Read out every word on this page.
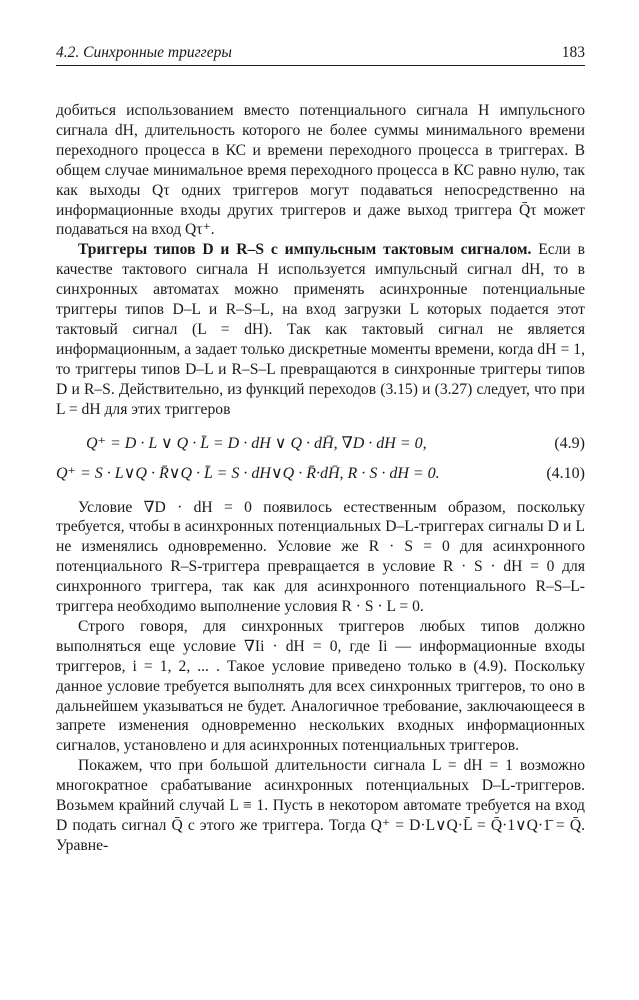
4.2. Синхронные триггеры	183

добиться использованием вместо потенциального сигнала H импульсного сигнала dH, длительность которого не более суммы минимального времени переходного процесса в КС и времени переходного процесса в триггерах. В общем случае минимальное время переходного процесса в КС равно нулю, так как выходы Qτ одних триггеров могут подаваться непосредственно на информационные входы других триггеров и даже выход триггера Q̄τ может подаваться на вход Qτ⁺.

Триггеры типов D и R–S с импульсным тактовым сигналом. Если в качестве тактового сигнала H используется импульсный сигнал dH, то в синхронных автоматах можно применять асинхронные потенциальные триггеры типов D–L и R–S–L, на вход загрузки L которых подается этот тактовый сигнал (L = dH). Так как тактовый сигнал не является информационным, а задает только дискретные моменты времени, когда dH = 1, то триггеры типов D–L и R–S–L превращаются в синхронные триггеры типов D и R–S. Действительно, из функций переходов (3.15) и (3.27) следует, что при L = dH для этих триггеров

Q⁺ = D · L ∨ Q · L̄ = D · dH ∨ Q · dH̄, ∇D · dH = 0,	(4.9)
Q⁺ = S · L∨Q · R̄∨Q · L̄ = S · dH∨Q · R̄·dH̄, R · S · dH = 0.	(4.10)

Условие ∇D · dH = 0 появилось естественным образом, поскольку требуется, чтобы в асинхронных потенциальных D–L-триггерах сигналы D и L не изменялись одновременно. Условие же R · S = 0 для асинхронного потенциального R–S-триггера превращается в условие R · S · dH = 0 для синхронного триггера, так как для асинхронного потенциального R–S–L-триггера необходимо выполнение условия R · S · L = 0.

Строго говоря, для синхронных триггеров любых типов должно выполняться еще условие ∇Ii · dH = 0, где Ii — информационные входы триггеров, i = 1, 2, ... . Такое условие приведено только в (4.9). Поскольку данное условие требуется выполнять для всех синхронных триггеров, то оно в дальнейшем указываться не будет. Аналогичное требование, заключающееся в запрете изменения одновременно нескольких входных информационных сигналов, установлено и для асинхронных потенциальных триггеров.

Покажем, что при большой длительности сигнала L = dH = 1 возможно многократное срабатывание асинхронных потенциальных D–L-триггеров. Возьмем крайний случай L ≡ 1. Пусть в некотором автомате требуется на вход D подать сигнал Q̄ с этого же триггера. Тогда Q⁺ = D·L∨Q·L̄ = Q̄·1∨Q·1̄ = Q̄. Уравне-
